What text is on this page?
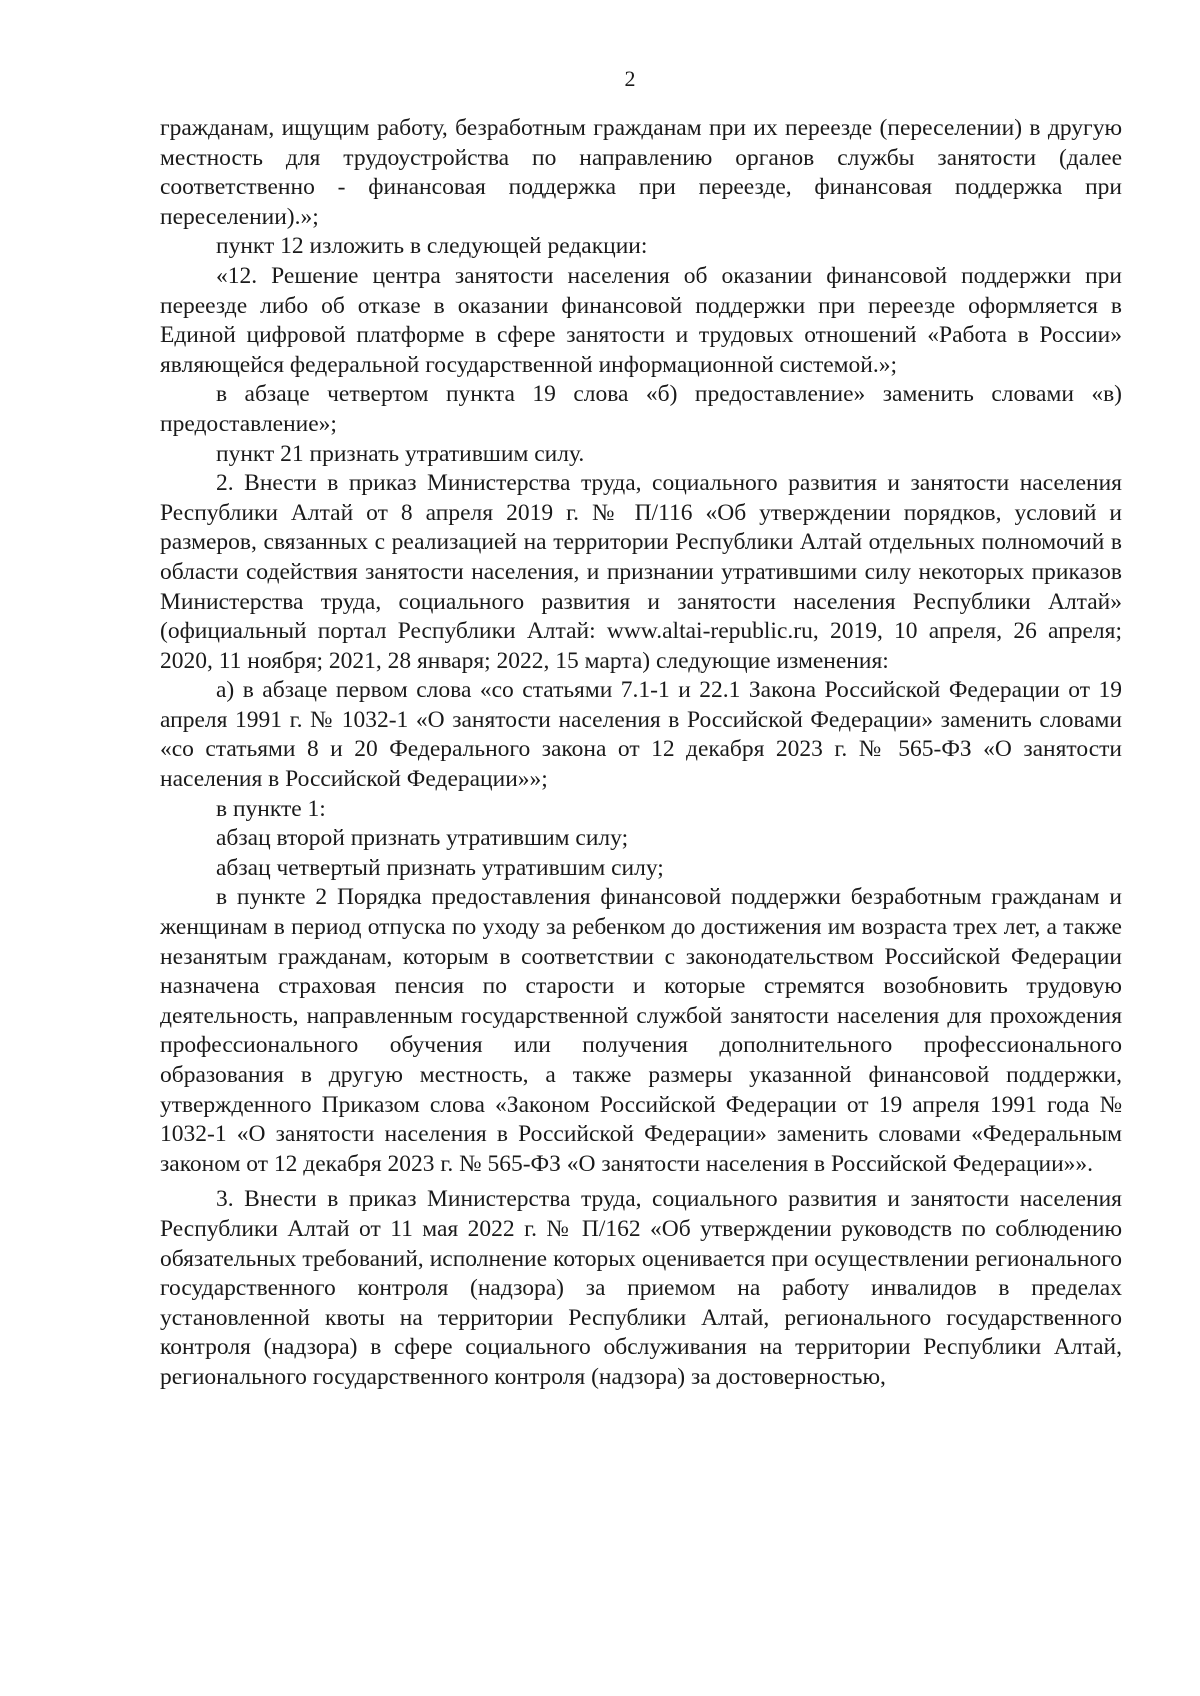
2

гражданам, ищущим работу, безработным гражданам при их переезде (переселении) в другую местность для трудоустройства по направлению органов службы занятости (далее соответственно - финансовая поддержка при переезде, финансовая поддержка при переселении).»;

пункт 12 изложить в следующей редакции:

«12. Решение центра занятости населения об оказании финансовой поддержки при переезде либо об отказе в оказании финансовой поддержки при переезде оформляется в Единой цифровой платформе в сфере занятости и трудовых отношений «Работа в России» являющейся федеральной государственной информационной системой.»;

в абзаце четвертом пункта 19 слова «б) предоставление» заменить словами «в) предоставление»;

пункт 21 признать утратившим силу.

2. Внести в приказ Министерства труда, социального развития и занятости населения Республики Алтай от 8 апреля 2019 г. № П/116 «Об утверждении порядков, условий и размеров, связанных с реализацией на территории Республики Алтай отдельных полномочий в области содействия занятости населения, и признании утратившими силу некоторых приказов Министерства труда, социального развития и занятости населения Республики Алтай» (официальный портал Республики Алтай: www.altai-republic.ru, 2019, 10 апреля, 26 апреля; 2020, 11 ноября; 2021, 28 января; 2022, 15 марта) следующие изменения:

а) в абзаце первом слова «со статьями 7.1-1 и 22.1 Закона Российской Федерации от 19 апреля 1991 г. № 1032-1 «О занятости населения в Российской Федерации» заменить словами «со статьями 8 и 20 Федерального закона от 12 декабря 2023 г. № 565-ФЗ «О занятости населения в Российской Федерации»»;

в пункте 1:

абзац второй признать утратившим силу;

абзац четвертый признать утратившим силу;

в пункте 2 Порядка предоставления финансовой поддержки безработным гражданам и женщинам в период отпуска по уходу за ребенком до достижения им возраста трех лет, а также незанятым гражданам, которым в соответствии с законодательством Российской Федерации назначена страховая пенсия по старости и которые стремятся возобновить трудовую деятельность, направленным государственной службой занятости населения для прохождения профессионального обучения или получения дополнительного профессионального образования в другую местность, а также размеры указанной финансовой поддержки, утвержденного Приказом слова «Законом Российской Федерации от 19 апреля 1991 года № 1032-1 «О занятости населения в Российской Федерации» заменить словами «Федеральным законом от 12 декабря 2023 г. № 565-ФЗ «О занятости населения в Российской Федерации»».

3. Внести в приказ Министерства труда, социального развития и занятости населения Республики Алтай от 11 мая 2022 г. № П/162 «Об утверждении руководств по соблюдению обязательных требований, исполнение которых оценивается при осуществлении регионального государственного контроля (надзора) за приемом на работу инвалидов в пределах установленной квоты на территории Республики Алтай, регионального государственного контроля (надзора) в сфере социального обслуживания на территории Республики Алтай, регионального государственного контроля (надзора) за достоверностью,
